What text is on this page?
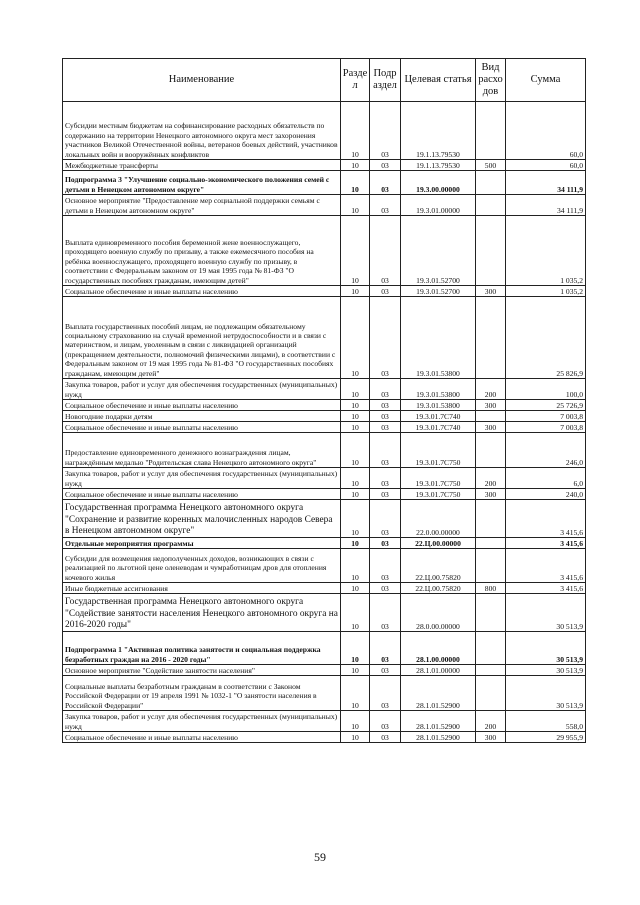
Наименование	Разде л	Подр аздел	Целевая статья	Вид расхо дов	Сумма
Субсидии местным бюджетам на софинансирование расходных обязательств по содержанию на территории Ненецкого автономного округа мест захоронения участников Великой Отечественной войны, ветеранов боевых действий, участников локальных войн и вооружённых конфликтов	10	03	19.1.13.79530		60,0
Межбюджетные трансферты	10	03	19.1.13.79530	500	60,0
Подпрограмма 3 "Улучшение социально-экономического положения семей с детьми в Ненецком автономном округе"	10	03	19.3.00.00000		34 111,9
Основное мероприятие "Предоставление мер социальной поддержки семьям с детьми в Ненецком автономном округе"	10	03	19.3.01.00000		34 111,9
Выплата единовременного пособия беременной жене военнослужащего, проходящего военную службу по призыву, а также ежемесячного пособия на ребёнка военнослужащего, проходящего военную службу по призыву, в соответствии с Федеральным законом от 19 мая 1995 года № 81-ФЗ "О государственных пособиях гражданам, имеющим детей"	10	03	19.3.01.52700		1 035,2
Социальное обеспечение и иные выплаты населению	10	03	19.3.01.52700	300	1 035,2
Выплата государственных пособий лицам, не подлежащим обязательному социальному страхованию на случай временной нетрудоспособности и в связи с материнством, и лицам, уволенным в связи с ликвидацией организаций (прекращением деятельности, полномочий физическими лицами), в соответствии с Федеральным законом от 19 мая 1995 года № 81-ФЗ "О государственных пособиях гражданам, имеющим детей"	10	03	19.3.01.53800		25 826,9
Закупка товаров, работ и услуг для обеспечения государственных (муниципальных) нужд	10	03	19.3.01.53800	200	100,0
Социальное обеспечение и иные выплаты населению	10	03	19.3.01.53800	300	25 726,9
Новогодние подарки детям	10	03	19.3.01.7С740		7 003,8
Социальное обеспечение и иные выплаты населению	10	03	19.3.01.7С740	300	7 003,8
Предоставление единовременного денежного вознаграждения лицам, награждённым медалью "Родительская слава Ненецкого автономного округа"	10	03	19.3.01.7С750		246,0
Закупка товаров, работ и услуг для обеспечения государственных (муниципальных) нужд	10	03	19.3.01.7С750	200	6,0
Социальное обеспечение и иные выплаты населению	10	03	19.3.01.7С750	300	240,0
Государственная программа Ненецкого автономного округа "Сохранение и развитие коренных малочисленных народов Севера в Ненецком автономном округе"	10	03	22.0.00.00000		3 415,6
Отдельные мероприятия программы	10	03	22.Ц.00.00000		3 415,6
Субсидии для возмещения недополученных доходов, возникающих в связи с реализацией по льготной цене оленеводам и чумработницам дров для отопления кочевого жилья	10	03	22.Ц.00.75820		3 415,6
Иные бюджетные ассигнования	10	03	22.Ц.00.75820	800	3 415,6
Государственная программа Ненецкого автономного округа "Содействие занятости населения Ненецкого автономного округа на 2016-2020 годы"	10	03	28.0.00.00000		30 513,9
Подпрограмма 1 "Активная политика занятости и социальная поддержка безработных граждан на 2016 - 2020 годы"	10	03	28.1.00.00000		30 513,9
Основное мероприятие "Содействие занятости населения"	10	03	28.1.01.00000		30 513,9
Социальные выплаты безработным гражданам в соответствии с Законом Российской Федерации от 19 апреля 1991 № 1032-1 "О занятости населения в Российской Федерации"	10	03	28.1.01.52900		30 513,9
Закупка товаров, работ и услуг для обеспечения государственных (муниципальных) нужд	10	03	28.1.01.52900	200	558,0
Социальное обеспечение и иные выплаты населению	10	03	28.1.01.52900	300	29 955,9
59
